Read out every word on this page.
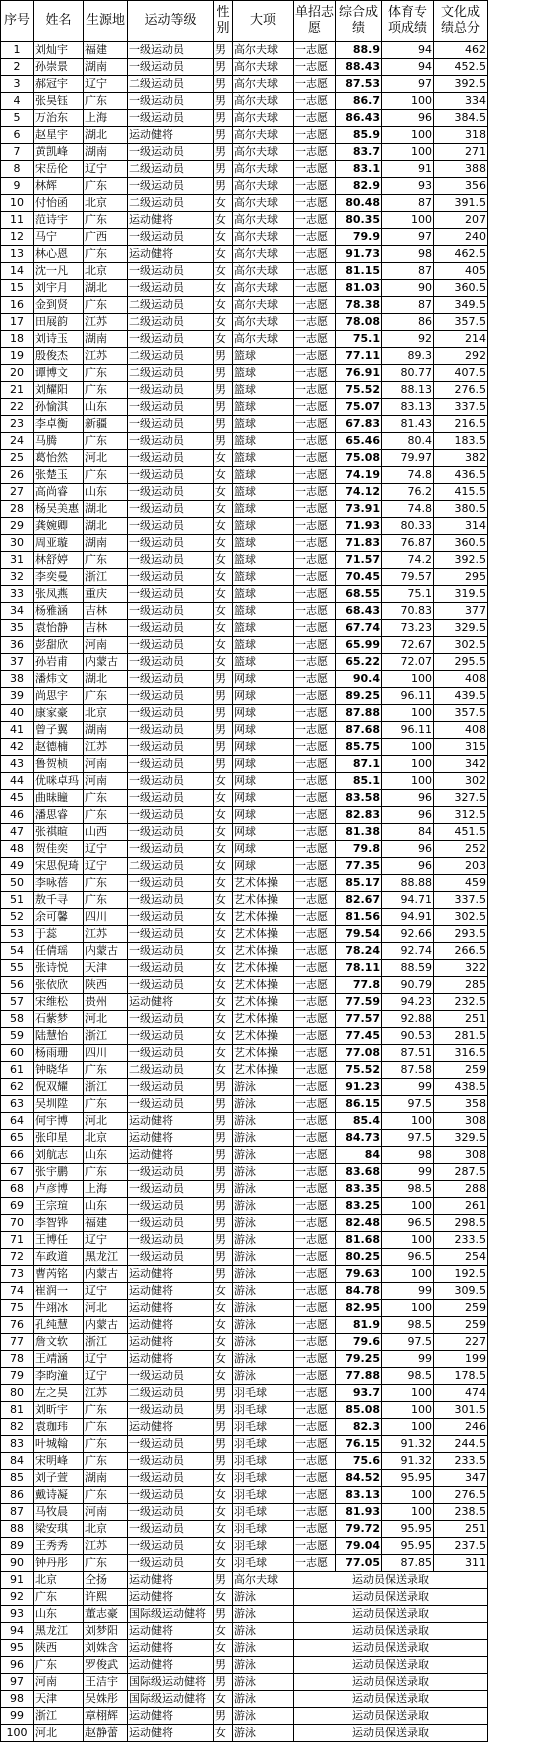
序号	姓名	生源地	运动等级	性别	大项	单招志愿	综合成绩	体育专项成绩	文化成绩总分
1	刘灿宇	福建	一级运动员	男	高尔夫球	一志愿	88.9	94	462
2	孙崇景	湖南	一级运动员	男	高尔夫球	一志愿	88.43	94	452.5
3	郝冠宇	辽宁	二级运动员	男	高尔夫球	一志愿	87.53	97	392.5
4	张昊钰	广东	一级运动员	男	高尔夫球	一志愿	86.7	100	334
5	万治东	上海	一级运动员	男	高尔夫球	一志愿	86.43	96	384.5
6	赵星宇	湖北	运动健将	男	高尔夫球	一志愿	85.9	100	318
7	黄凯峰	湖南	一级运动员	男	高尔夫球	一志愿	83.7	100	271
8	宋岳伦	辽宁	二级运动员	男	高尔夫球	一志愿	83.1	91	388
9	林辉	广东	一级运动员	男	高尔夫球	一志愿	82.9	93	356
10	付怡函	北京	二级运动员	女	高尔夫球	一志愿	80.48	87	391.5
11	范诗宇	广东	运动健将	女	高尔夫球	一志愿	80.35	100	207
12	马宁	广西	一级运动员	女	高尔夫球	一志愿	79.9	97	240
13	林心恩	广东	运动健将	女	高尔夫球	一志愿	91.73	98	462.5
14	沈一凡	北京	一级运动员	女	高尔夫球	一志愿	81.15	87	405
15	刘宇月	湖北	一级运动员	女	高尔夫球	一志愿	81.03	90	360.5
16	金到贤	广东	二级运动员	女	高尔夫球	一志愿	78.38	87	349.5
17	田展韵	江苏	二级运动员	女	高尔夫球	一志愿	78.08	86	357.5
18	刘诗玉	湖南	一级运动员	女	高尔夫球	一志愿	75.1	92	214
19	殷俊杰	江苏	二级运动员	男	篮球	一志愿	77.11	89.3	292
20	谭博文	广东	二级运动员	男	篮球	一志愿	76.91	80.77	407.5
21	刘耀阳	广东	一级运动员	男	篮球	一志愿	75.52	88.13	276.5
22	孙愉淇	山东	一级运动员	男	篮球	一志愿	75.07	83.13	337.5
23	李卓衡	新疆	一级运动员	男	篮球	一志愿	67.83	81.43	216.5
24	马腾	广东	一级运动员	男	篮球	一志愿	65.46	80.4	183.5
25	葛怡然	河北	一级运动员	女	篮球	一志愿	75.08	79.97	382
26	张楚玉	广东	一级运动员	女	篮球	一志愿	74.19	74.8	436.5
27	高尚睿	山东	一级运动员	女	篮球	一志愿	74.12	76.2	415.5
28	杨吴美惠	湖北	一级运动员	女	篮球	一志愿	73.91	74.8	380.5
29	龚婉卿	湖北	一级运动员	女	篮球	一志愿	71.93	80.33	314
30	周亚璇	湖南	一级运动员	女	篮球	一志愿	71.83	76.87	360.5
31	林舒婷	广东	一级运动员	女	篮球	一志愿	71.57	74.2	392.5
32	李奕曼	浙江	一级运动员	女	篮球	一志愿	70.45	79.57	295
33	张凤燕	重庆	一级运动员	女	篮球	一志愿	68.55	75.1	319.5
34	杨雅涵	吉林	一级运动员	女	篮球	一志愿	68.43	70.83	377
35	袁怡静	吉林	一级运动员	女	篮球	一志愿	67.74	73.23	329.5
36	彭甜欣	河南	一级运动员	女	篮球	一志愿	65.99	72.67	302.5
37	孙岩甫	内蒙古	一级运动员	女	篮球	一志愿	65.22	72.07	295.5
38	潘炜文	湖北	一级运动员	男	网球	一志愿	90.4	100	408
39	尚思宇	广东	一级运动员	男	网球	一志愿	89.25	96.11	439.5
40	康家豪	北京	一级运动员	男	网球	一志愿	87.88	100	357.5
41	曾子翼	湖南	一级运动员	男	网球	一志愿	87.68	96.11	408
42	赵德楠	江苏	一级运动员	男	网球	一志愿	85.75	100	315
43	鲁贺桢	河南	一级运动员	男	网球	一志愿	87.1	100	342
44	优咪卓玛	河南	一级运动员	女	网球	一志愿	85.1	100	302
45	曲昧瞳	广东	一级运动员	女	网球	一志愿	83.58	96	327.5
46	潘思睿	广东	一级运动员	女	网球	一志愿	82.83	96	312.5
47	张祺暄	山西	一级运动员	女	网球	一志愿	81.38	84	451.5
48	贺佳奕	辽宁	一级运动员	女	网球	一志愿	79.8	96	252
49	宋思倪琦	辽宁	二级运动员	女	网球	一志愿	77.35	96	203
50	李咏蓓	广东	一级运动员	女	艺术体操	一志愿	85.17	88.88	459
51	敖千寻	广东	一级运动员	女	艺术体操	一志愿	82.67	94.71	337.5
52	余可馨	四川	一级运动员	女	艺术体操	一志愿	81.56	94.91	302.5
53	于蕊	江苏	一级运动员	女	艺术体操	一志愿	79.54	92.66	293.5
54	任倩瑶	内蒙古	一级运动员	女	艺术体操	一志愿	78.24	92.74	266.5
55	张诗悦	天津	一级运动员	女	艺术体操	一志愿	78.11	88.59	322
56	张依欣	陕西	一级运动员	女	艺术体操	一志愿	77.8	90.79	285
57	宋维松	贵州	运动健将	女	艺术体操	一志愿	77.59	94.23	232.5
58	石紫梦	河北	一级运动员	女	艺术体操	一志愿	77.57	92.88	251
59	陆慧怡	浙江	一级运动员	女	艺术体操	一志愿	77.45	90.53	281.5
60	杨雨珊	四川	一级运动员	女	艺术体操	一志愿	77.08	87.51	316.5
61	钟晓华	广东	二级运动员	女	艺术体操	一志愿	75.52	87.58	259
62	倪双耀	浙江	一级运动员	男	游泳	一志愿	91.23	99	438.5
63	吴圳陞	广东	一级运动员	男	游泳	一志愿	86.15	97.5	358
64	何宇博	河北	运动健将	男	游泳	一志愿	85.4	100	308
65	张印星	北京	运动健将	男	游泳	一志愿	84.73	97.5	329.5
66	刘航志	山东	运动健将	男	游泳	一志愿	84	98	308
67	张宇鹏	广东	一级运动员	男	游泳	一志愿	83.68	99	287.5
68	卢彦博	上海	一级运动员	男	游泳	一志愿	83.35	98.5	288
69	王宗瑄	山东	一级运动员	男	游泳	一志愿	83.25	100	261
70	李智铧	福建	一级运动员	男	游泳	一志愿	82.48	96.5	298.5
71	王博任	辽宁	一级运动员	男	游泳	一志愿	81.68	100	233.5
72	车政道	黑龙江	一级运动员	男	游泳	一志愿	80.25	96.5	254
73	曹芮铭	内蒙古	运动健将	男	游泳	一志愿	79.63	100	192.5
74	崔润一	辽宁	运动健将	女	游泳	一志愿	84.78	99	309.5
75	牛翊冰	河北	运动健将	女	游泳	一志愿	82.95	100	259
76	孔纯慧	内蒙古	运动健将	女	游泳	一志愿	81.9	98.5	259
77	詹文软	浙江	运动健将	女	游泳	一志愿	79.6	97.5	227
78	王靖涵	辽宁	运动健将	女	游泳	一志愿	79.25	99	199
79	李昀潼	辽宁	一级运动员	女	游泳	一志愿	77.88	98.5	178.5
80	左之昊	江苏	二级运动员	男	羽毛球	一志愿	93.7	100	474
81	刘昕宇	广东	一级运动员	男	羽毛球	一志愿	85.08	100	301.5
82	袁珈玮	广东	运动健将	男	羽毛球	一志愿	82.3	100	246
83	叶城翰	广东	一级运动员	男	羽毛球	一志愿	76.15	91.32	244.5
84	宋明峰	广东	一级运动员	男	羽毛球	一志愿	75.6	91.32	233.5
85	刘子萱	湖南	一级运动员	女	羽毛球	一志愿	84.52	95.95	347
86	戴诗凝	广东	一级运动员	女	羽毛球	一志愿	83.13	100	276.5
87	马牧晨	河南	一级运动员	女	羽毛球	一志愿	81.93	100	238.5
88	梁安琪	北京	一级运动员	女	羽毛球	一志愿	79.72	95.95	251
89	王秀秀	江苏	一级运动员	女	羽毛球	一志愿	79.04	95.95	237.5
90	钟丹彤	广东	一级运动员	女	羽毛球	一志愿	77.05	87.85	311
91	北京	仝扬	运动健将	男	高尔夫球	运动员保送录取			
92	广东	许熙	运动健将	女	游泳	运动员保送录取			
93	山东	董志豪	国际级运动健将	男	游泳	运动员保送录取			
94	黑龙江	刘梦阳	运动健将	女	游泳	运动员保送录取			
95	陕西	刘姝含	运动健将	女	游泳	运动员保送录取			
96	广东	罗俊武	运动健将	男	游泳	运动员保送录取			
97	河南	王洁宇	国际级运动健将	男	游泳	运动员保送录取			
98	天津	吴姝彤	国际级运动健将	女	游泳	运动员保送录取			
99	浙江	章栩辉	运动健将	男	游泳	运动员保送录取			
100	河北	赵静蕾	运动健将	女	游泳	运动员保送录取			
